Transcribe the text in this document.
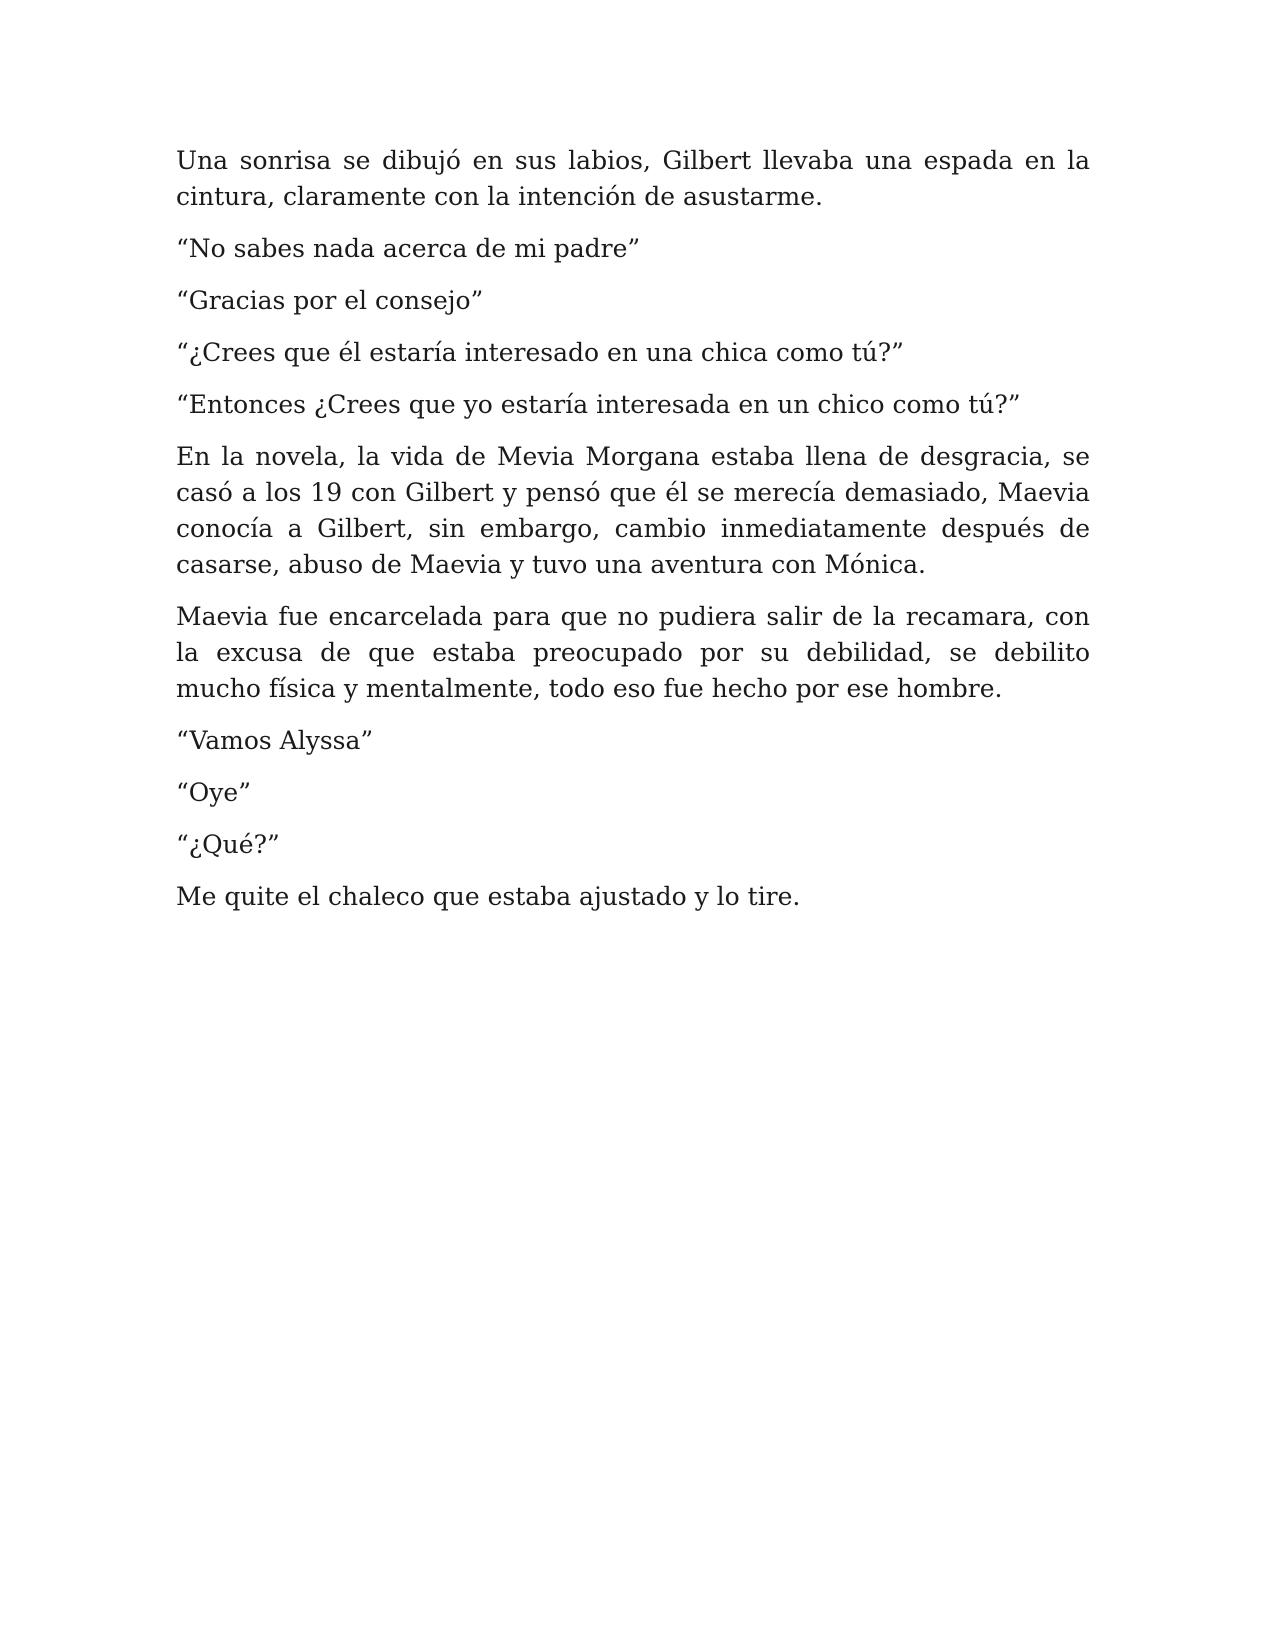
Una sonrisa se dibujó en sus labios, Gilbert llevaba una espada en la cintura, claramente con la intención de asustarme.

“No sabes nada acerca de mi padre”

“Gracias por el consejo”

“¿Crees que él estaría interesado en una chica como tú?”

“Entonces ¿Crees que yo estaría interesada en un chico como tú?”

En la novela, la vida de Mevia Morgana estaba llena de desgracia, se casó a los 19 con Gilbert y pensó que él se merecía demasiado, Maevia conocía a Gilbert, sin embargo, cambio inmediatamente después de casarse, abuso de Maevia y tuvo una aventura con Mónica.

Maevia fue encarcelada para que no pudiera salir de la recamara, con la excusa de que estaba preocupado por su debilidad, se debilito mucho física y mentalmente, todo eso fue hecho por ese hombre.

“Vamos Alyssa”

“Oye”

“¿Qué?”

Me quite el chaleco que estaba ajustado y lo tire.
